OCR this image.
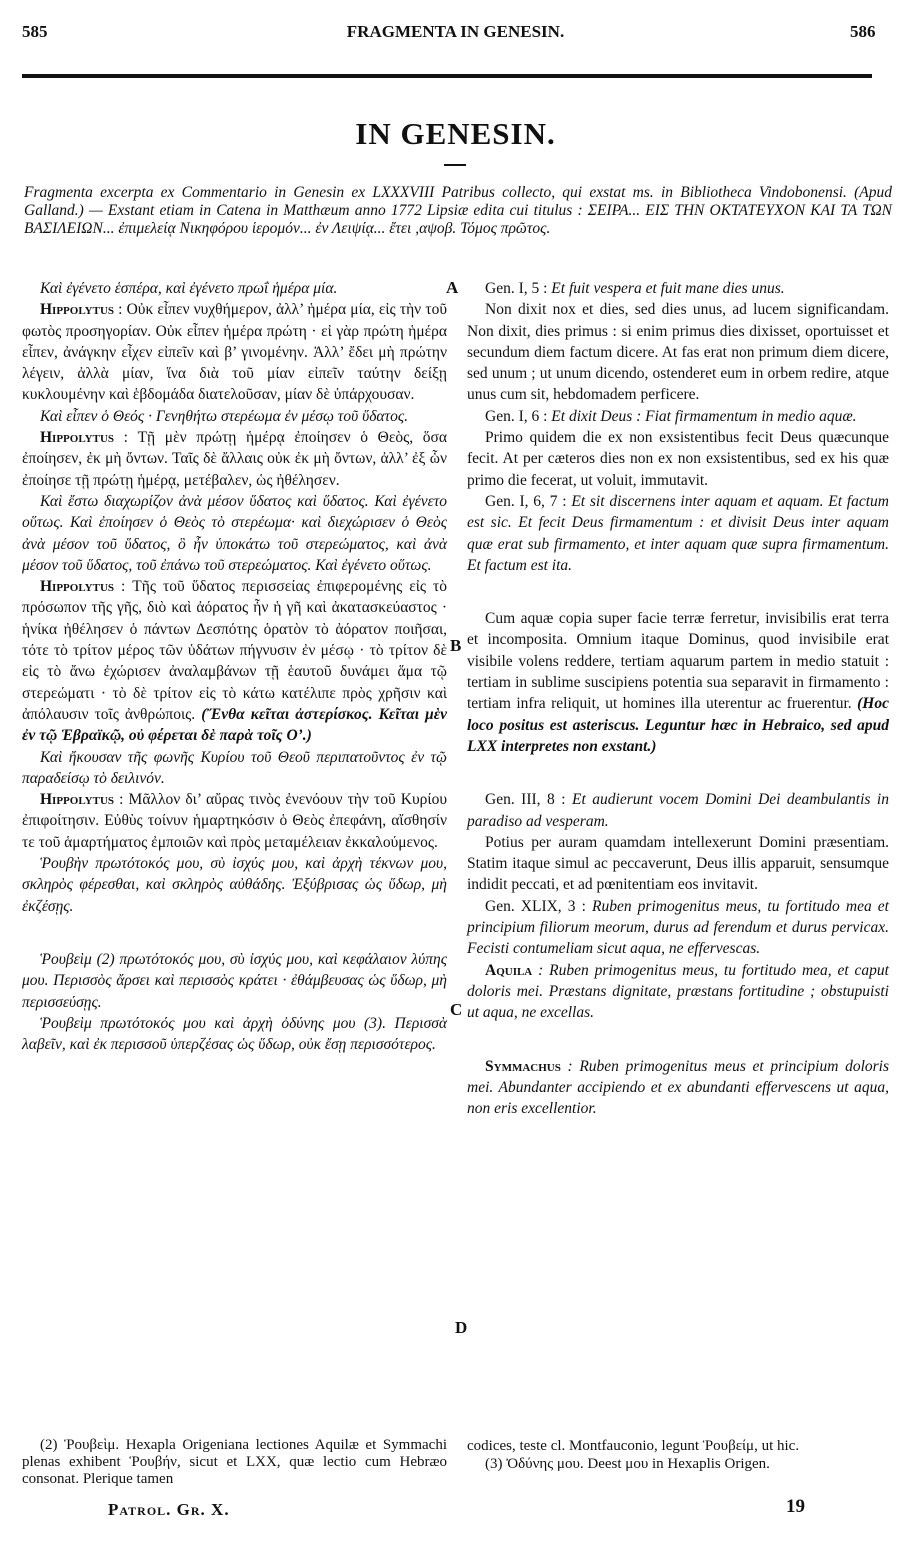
585	FRAGMENTA IN GENESIN.	586
IN GENESIN.
Fragmenta excerpta ex Commentario in Genesin ex LXXXVIII Patribus collecto, qui exstat ms. in Bibliotheca Vindobonensi. (Apud Galland.) — Exstant etiam in Catena in Matthæum anno 1772 Lipsiæ edita cui titulus : ΣΕΙΡΑ... ΕΙΣ ΤΗΝ ΟΚΤΑΤΕΥΧΟΝ ΚΑΙ ΤΑ ΤΩΝ ΒΑΣΙΛΕΙΩΝ... ἐπιμελείᾳ Νικηφόρου ἱερομόν... ἐν Λειψίᾳ... ἔτει ,αψοβ. Τόμος πρῶτος.

Καὶ ἐγένετο ἑσπέρα, καὶ ἐγένετο πρωΐ ἡμέρα μία.

Hippolytus : Οὐκ εἶπεν νυχθήμερον, ἀλλ’ ἡμέρα μία, εἰς τὴν τοῦ φωτὸς προσηγορίαν. Οὐκ εἶπεν ἡμέρα πρώτη · εἰ γὰρ πρώτη ἡμέρα εἶπεν, ἀνάγκην εἶχεν εἰπεῖν καὶ β’ γινομένην. Ἀλλ’ ἔδει μὴ πρώτην λέγειν, ἀλλὰ μίαν, ἵνα διὰ τοῦ μίαν εἰπεῖν ταύτην δείξῃ κυκλουμένην καὶ ἑβδομάδα διατελοῦσαν, μίαν δὲ ὑπάρχουσαν.

Καὶ εἶπεν ὁ Θεός · Γενηθήτω στερέωμα ἐν μέσῳ τοῦ ὕδατος.

Hippolytus : Τῇ μὲν πρώτῃ ἡμέρᾳ ἐποίησεν ὁ Θεὸς, ὅσα ἐποίησεν, ἐκ μὴ ὄντων. Ταῖς δὲ ἄλλαις οὐκ ἐκ μὴ ὄντων, ἀλλ’ ἐξ ὧν ἐποίησε τῇ πρώτῃ ἡμέρᾳ, μετέβαλεν, ὡς ἠθέλησεν.

Καὶ ἔστω διαχωρίζον ἀνὰ μέσον ὕδατος καὶ ὕδατος. Καὶ ἐγένετο οὕτως. Καὶ ἐποίησεν ὁ Θεὸς τὸ στερέωμα· καὶ διεχώρισεν ὁ Θεὸς ἀνὰ μέσον τοῦ ὕδατος, ὃ ἦν ὑποκάτω τοῦ στερεώματος, καὶ ἀνὰ μέσον τοῦ ὕδατος, τοῦ ἐπάνω τοῦ στερεώματος. Καὶ ἐγένετο οὕτως.

Hippolytus : Τῆς τοῦ ὕδατος περισσείας ἐπιφερομένης εἰς τὸ πρόσωπον τῆς γῆς, διὸ καὶ ἀόρατος ἦν ἡ γῆ καὶ ἀκατασκεύαστος · ἡνίκα ἠθέλησεν ὁ πάντων Δεσπότης ὁρατὸν τὸ ἀόρατον ποιῆσαι, τότε τὸ τρίτον μέρος τῶν ὑδάτων πήγνυσιν ἐν μέσῳ · τὸ τρίτον δὲ εἰς τὸ ἄνω ἐχώρισεν ἀναλαμβάνων τῇ ἑαυτοῦ δυνάμει ἅμα τῷ στερεώματι · τὸ δὲ τρίτον εἰς τὸ κάτω κατέλιπε πρὸς χρῆσιν καὶ ἀπόλαυσιν τοῖς ἀνθρώποις. (Ἔνθα κεῖται ἀστερίσκος. Κεῖται μὲν ἐν τῷ Ἑβραϊκῷ, οὐ φέρεται δὲ παρὰ τοῖς Ο’.)

Καὶ ἤκουσαν τῆς φωνῆς Κυρίου τοῦ Θεοῦ περιπατοῦντος ἐν τῷ παραδείσῳ τὸ δειλινόν.

Hippolytus : Μᾶλλον δι’ αὔρας τινὸς ἐνενόουν τὴν τοῦ Κυρίου ἐπιφοίτησιν. Εὐθὺς τοίνυν ἡμαρτηκόσιν ὁ Θεὸς ἐπεφάνη, αἴσθησίν τε τοῦ ἁμαρτήματος ἐμποιῶν καὶ πρὸς μεταμέλειαν ἐκκαλούμενος.

Ῥουβὴν πρωτότοκός μου, σὺ ἰσχύς μου, καὶ ἀρχὴ τέκνων μου, σκληρὸς φέρεσθαι, καὶ σκληρὸς αὐθάδης. Ἐξύβρισας ὡς ὕδωρ, μὴ ἐκζέσῃς.

Ῥουβεὶμ (2) πρωτότοκός μου, σὺ ἰσχύς μου, καὶ κεφάλαιον λύπης μου. Περισσὸς ἄρσει καὶ περισσὸς κράτει · ἐθάμβευσας ὡς ὕδωρ, μὴ περισσεύσῃς.

Ῥουβεὶμ πρωτότοκός μου καὶ ἀρχὴ ὀδύνης μου (3). Περισσὰ λαβεῖν, καὶ ἐκ περισσοῦ ὑπερζέσας ὡς ὕδωρ, οὐκ ἔσῃ περισσότερος.

Gen. I, 5 : Et fuit vespera et fuit mane dies unus.

Non dixit nox et dies, sed dies unus, ad lucem significandam. Non dixit, dies primus : si enim primus dies dixisset, oportuisset et secundum diem factum dicere. At fas erat non primum diem dicere, sed unum ; ut unum dicendo, ostenderet eum in orbem redire, atque unus cum sit, hebdomadem perficere.

Gen. I, 6 : Et dixit Deus : Fiat firmamentum in medio aquæ.

Primo quidem die ex non exsistentibus fecit Deus quæcunque fecit. At per cæteros dies non ex non exsistentibus, sed ex his quæ primo die fecerat, ut voluit, immutavit.

Gen. I, 6, 7 : Et sit discernens inter aquam et aquam. Et factum est sic. Et fecit Deus firmamentum : et divisit Deus inter aquam quæ erat sub firmamento, et inter aquam quæ supra firmamentum. Et factum est ita.

Cum aquæ copia super facie terræ ferretur, invisibilis erat terra et incomposita. Omnium itaque Dominus, quod invisibile erat visibile volens reddere, tertiam aquarum partem in medio statuit : tertiam in sublime suscipiens potentia sua separavit in firmamento : tertiam infra reliquit, ut homines illa uterentur ac fruerentur. (Hoc loco positus est asteriscus. Leguntur hæc in Hebraico, sed apud LXX interpretes non exstant.)

Gen. III, 8 : Et audierunt vocem Domini Dei deambulantis in paradiso ad vesperam.

Potius per auram quamdam intellexerunt Domini præsentiam. Statim itaque simul ac peccaverunt, Deus illis apparuit, sensumque indidit peccati, et ad pœnitentiam eos invitavit.

Gen. XLIX, 3 : Ruben primogenitus meus, tu fortitudo mea et principium filiorum meorum, durus ad ferendum et durus pervicax. Fecisti contumeliam sicut aqua, ne effervescas.

Aquila : Ruben primogenitus meus, tu fortitudo mea, et caput doloris mei. Præstans dignitate, præstans fortitudine ; obstupuisti ut aqua, ne excellas.

Symmachus : Ruben primogenitus meus et principium doloris mei. Abundanter accipiendo et ex abundanti effervescens ut aqua, non eris excellentior.

A
B
C
D
(2) Ῥουβεὶμ. Hexapla Origeniana lectiones Aquilæ et Symmachi plenas exhibent Ῥουβήν, sicut et LXX, quæ lectio cum Hebræo consonat. Plerique tamen

codices, teste cl. Montfauconio, legunt Ῥουβείμ, ut hic.

(3) Ὀδύνης μου. Deest μου in Hexaplis Origen.

Patrol. Gr. X.	19
